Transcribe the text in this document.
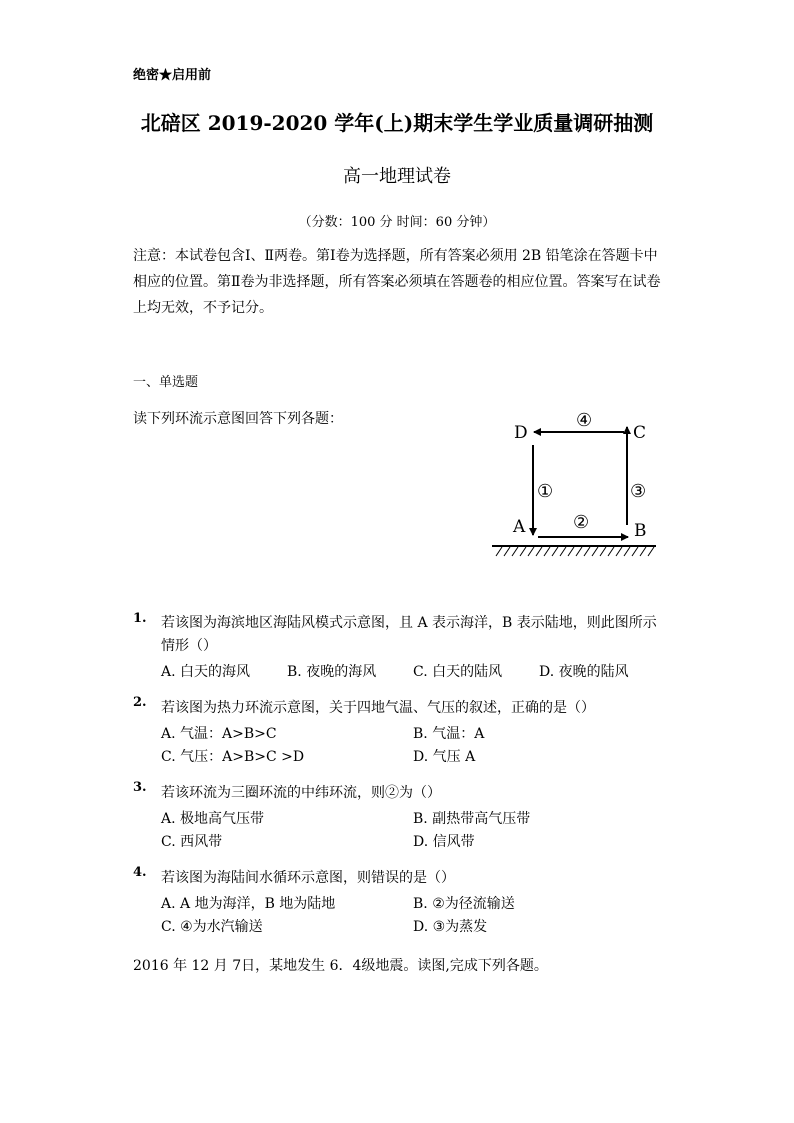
绝密★启用前
北碚区 2019-2020 学年(上)期末学生学业质量调研抽测
高一地理试卷
（分数：100 分 时间：60 分钟）
注意：本试卷包含Ⅰ、Ⅱ两卷。第Ⅰ卷为选择题，所有答案必须用 2B 铅笔涂在答题卡中相应的位置。第Ⅱ卷为非选择题，所有答案必须填在答题卷的相应位置。答案写在试卷上均无效，不予记分。
一、单选题
读下列环流示意图回答下列各题：
D	C
A	B
④
①	③
②
1. 若该图为海滨地区海陆风模式示意图，且 A 表示海洋，B 表示陆地，则此图所示情形（）
A. 白天的海风	B. 夜晚的海风	C. 白天的陆风	D. 夜晚的陆风
2. 若该图为热力环流示意图，关于四地气温、气压的叙述，正确的是（）
A. 气温：A>B>C	B. 气温：A
C. 气压：A>B>C >D	D. 气压 A
3. 若该环流为三圈环流的中纬环流，则②为（）
A. 极地高气压带	B. 副热带高气压带
C. 西风带	D. 信风带
4. 若该图为海陆间水循环示意图，则错误的是（）
A. A 地为海洋，B 地为陆地	B. ②为径流输送
C. ④为水汽输送	D. ③为蒸发
2016 年 12 月 7日，某地发生 6．4级地震。读图,完成下列各题。
